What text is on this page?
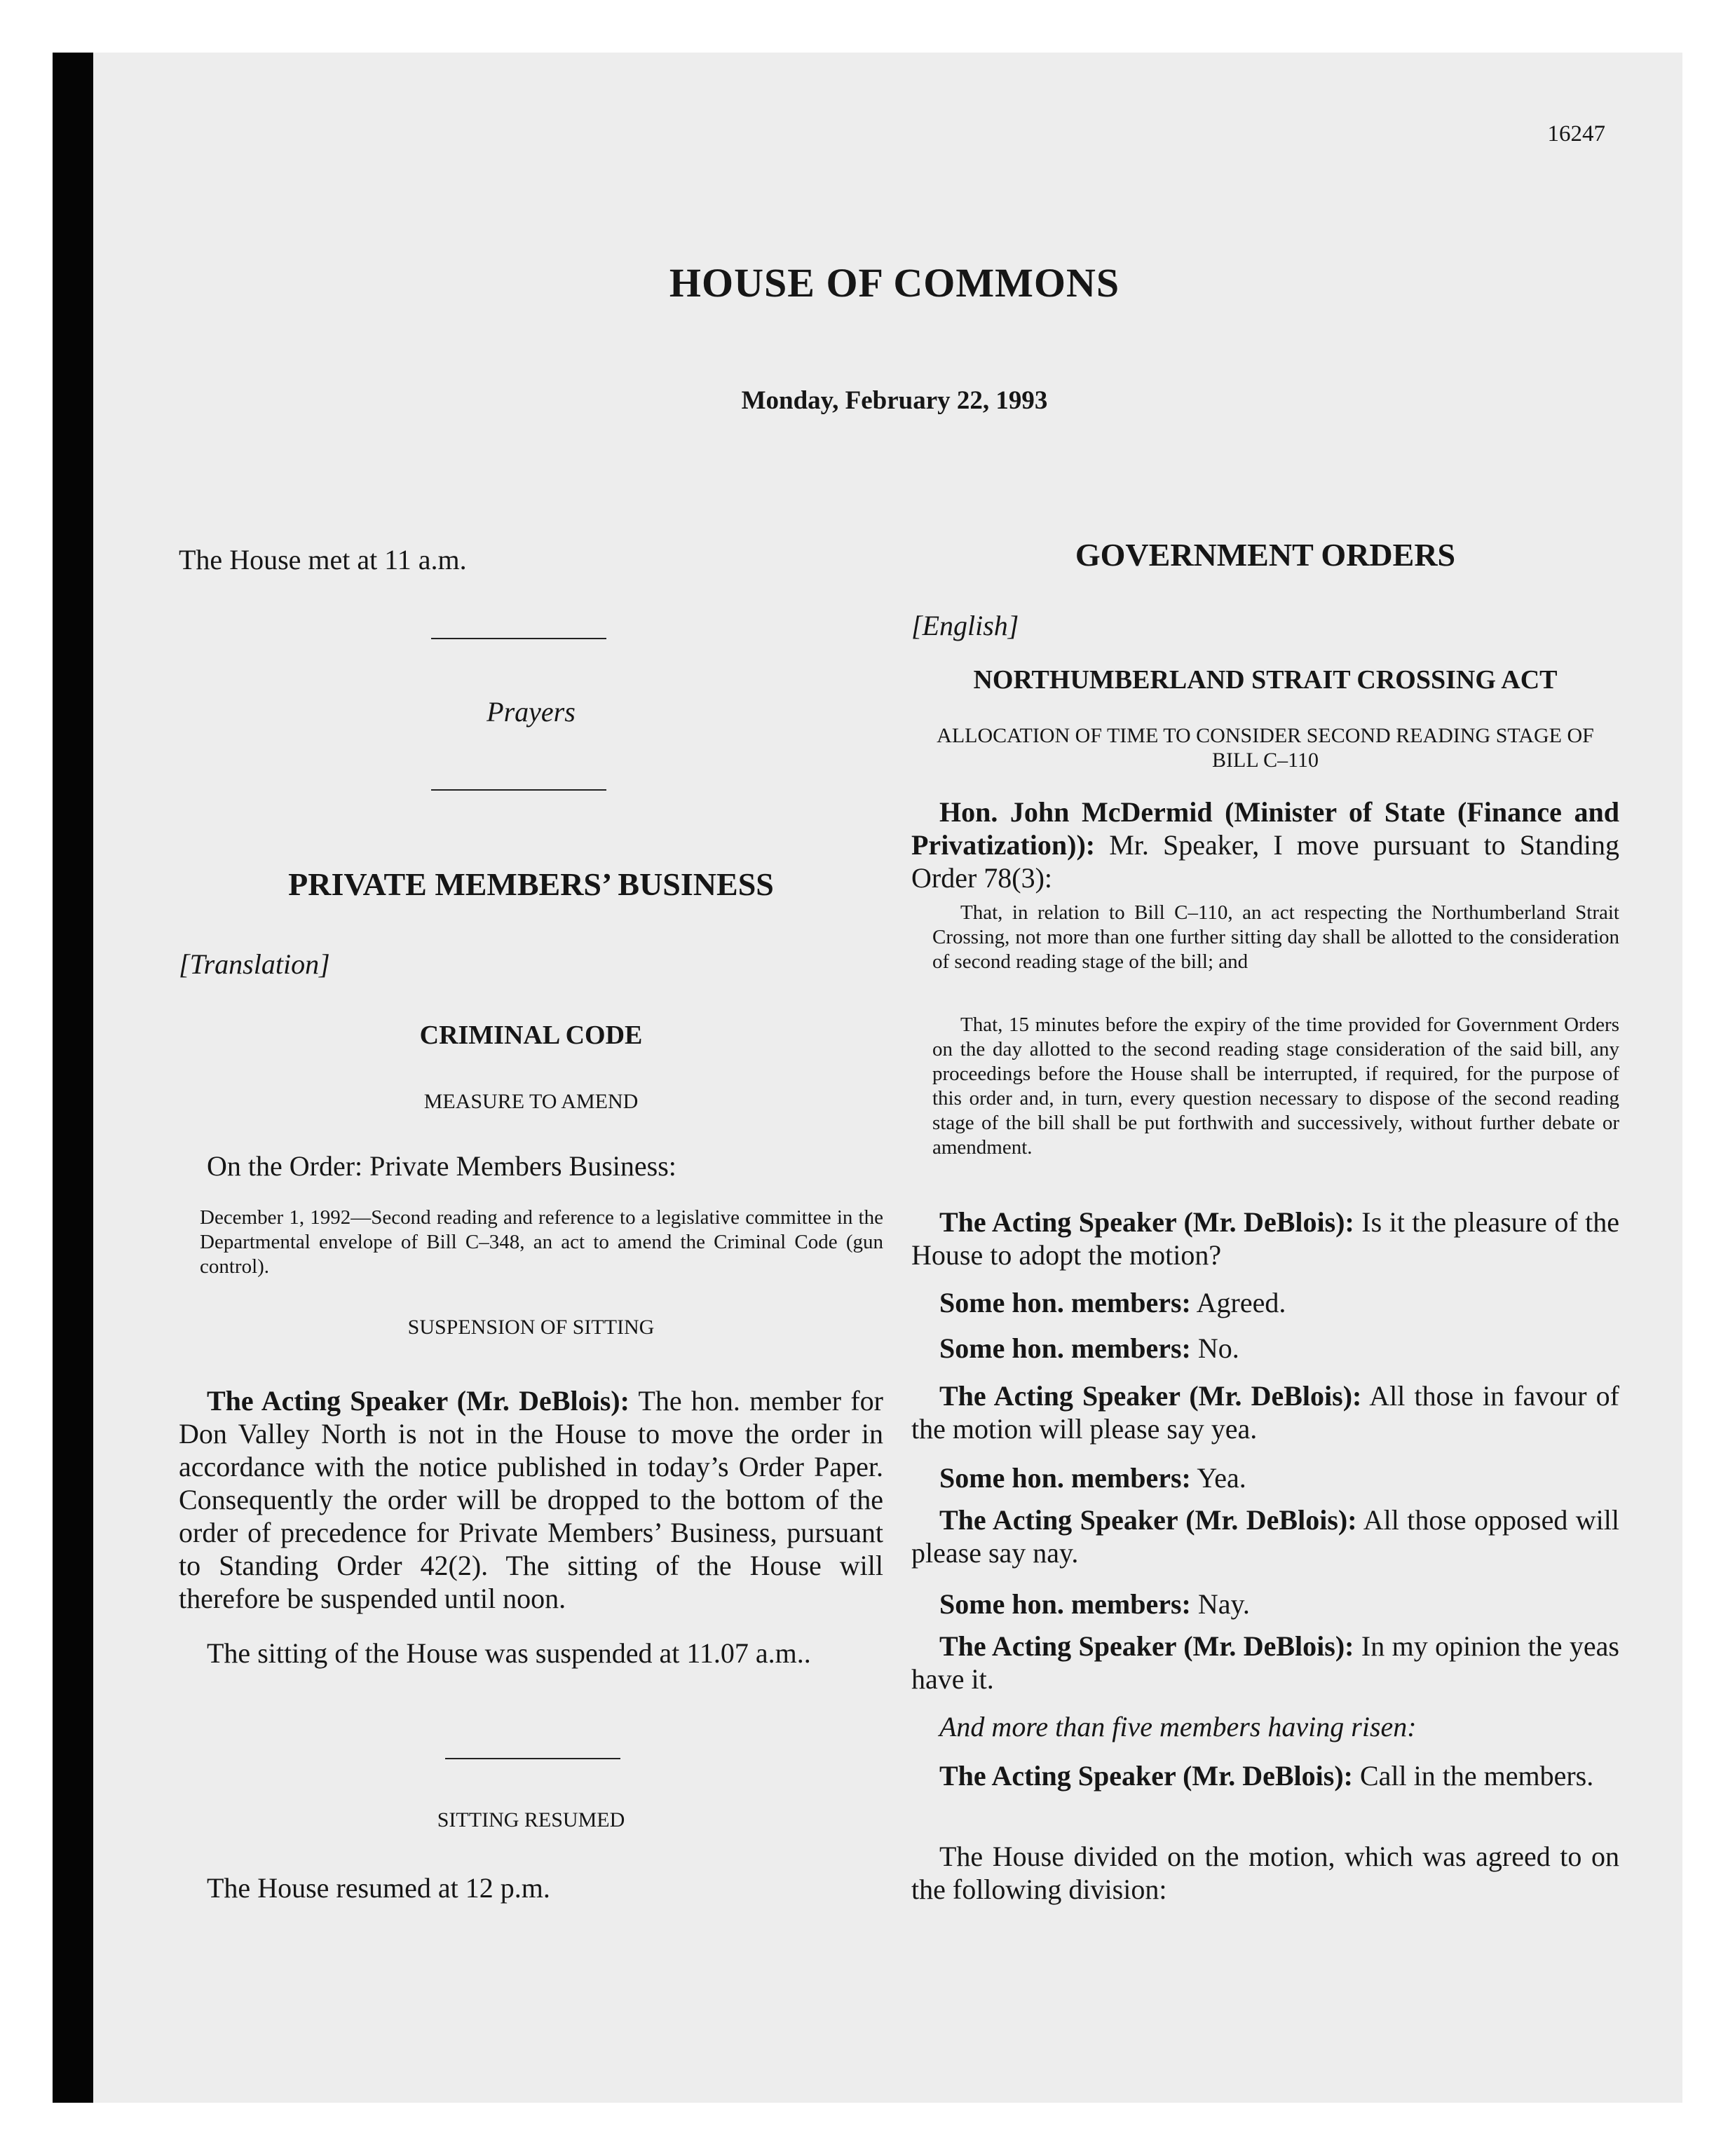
16247
HOUSE OF COMMONS
Monday, February 22, 1993
The House met at 11 a.m.
Prayers
PRIVATE MEMBERS’ BUSINESS
[Translation]
CRIMINAL CODE
MEASURE TO AMEND
On the Order: Private Members Business:
December 1, 1992—Second reading and reference to a legislative committee in the Departmental envelope of Bill C–348, an act to amend the Criminal Code (gun control).
SUSPENSION OF SITTING
The Acting Speaker (Mr. DeBlois): The hon. member for Don Valley North is not in the House to move the order in accordance with the notice published in today’s Order Paper. Consequently the order will be dropped to the bottom of the order of precedence for Private Members’ Business, pursuant to Standing Order 42(2). The sitting of the House will therefore be suspended until noon.
The sitting of the House was suspended at 11.07 a.m..
SITTING RESUMED
The House resumed at 12 p.m.
GOVERNMENT ORDERS
[English]
NORTHUMBERLAND STRAIT CROSSING ACT
ALLOCATION OF TIME TO CONSIDER SECOND READING STAGE OF BILL C–110
Hon. John McDermid (Minister of State (Finance and Privatization)): Mr. Speaker, I move pursuant to Standing Order 78(3):
That, in relation to Bill C–110, an act respecting the Northumberland Strait Crossing, not more than one further sitting day shall be allotted to the consideration of second reading stage of the bill; and
That, 15 minutes before the expiry of the time provided for Government Orders on the day allotted to the second reading stage consideration of the said bill, any proceedings before the House shall be interrupted, if required, for the purpose of this order and, in turn, every question necessary to dispose of the second reading stage of the bill shall be put forthwith and successively, without further debate or amendment.
The Acting Speaker (Mr. DeBlois): Is it the pleasure of the House to adopt the motion?
Some hon. members: Agreed.
Some hon. members: No.
The Acting Speaker (Mr. DeBlois): All those in favour of the motion will please say yea.
Some hon. members: Yea.
The Acting Speaker (Mr. DeBlois): All those opposed will please say nay.
Some hon. members: Nay.
The Acting Speaker (Mr. DeBlois): In my opinion the yeas have it.
And more than five members having risen:
The Acting Speaker (Mr. DeBlois): Call in the members.
The House divided on the motion, which was agreed to on the following division:
